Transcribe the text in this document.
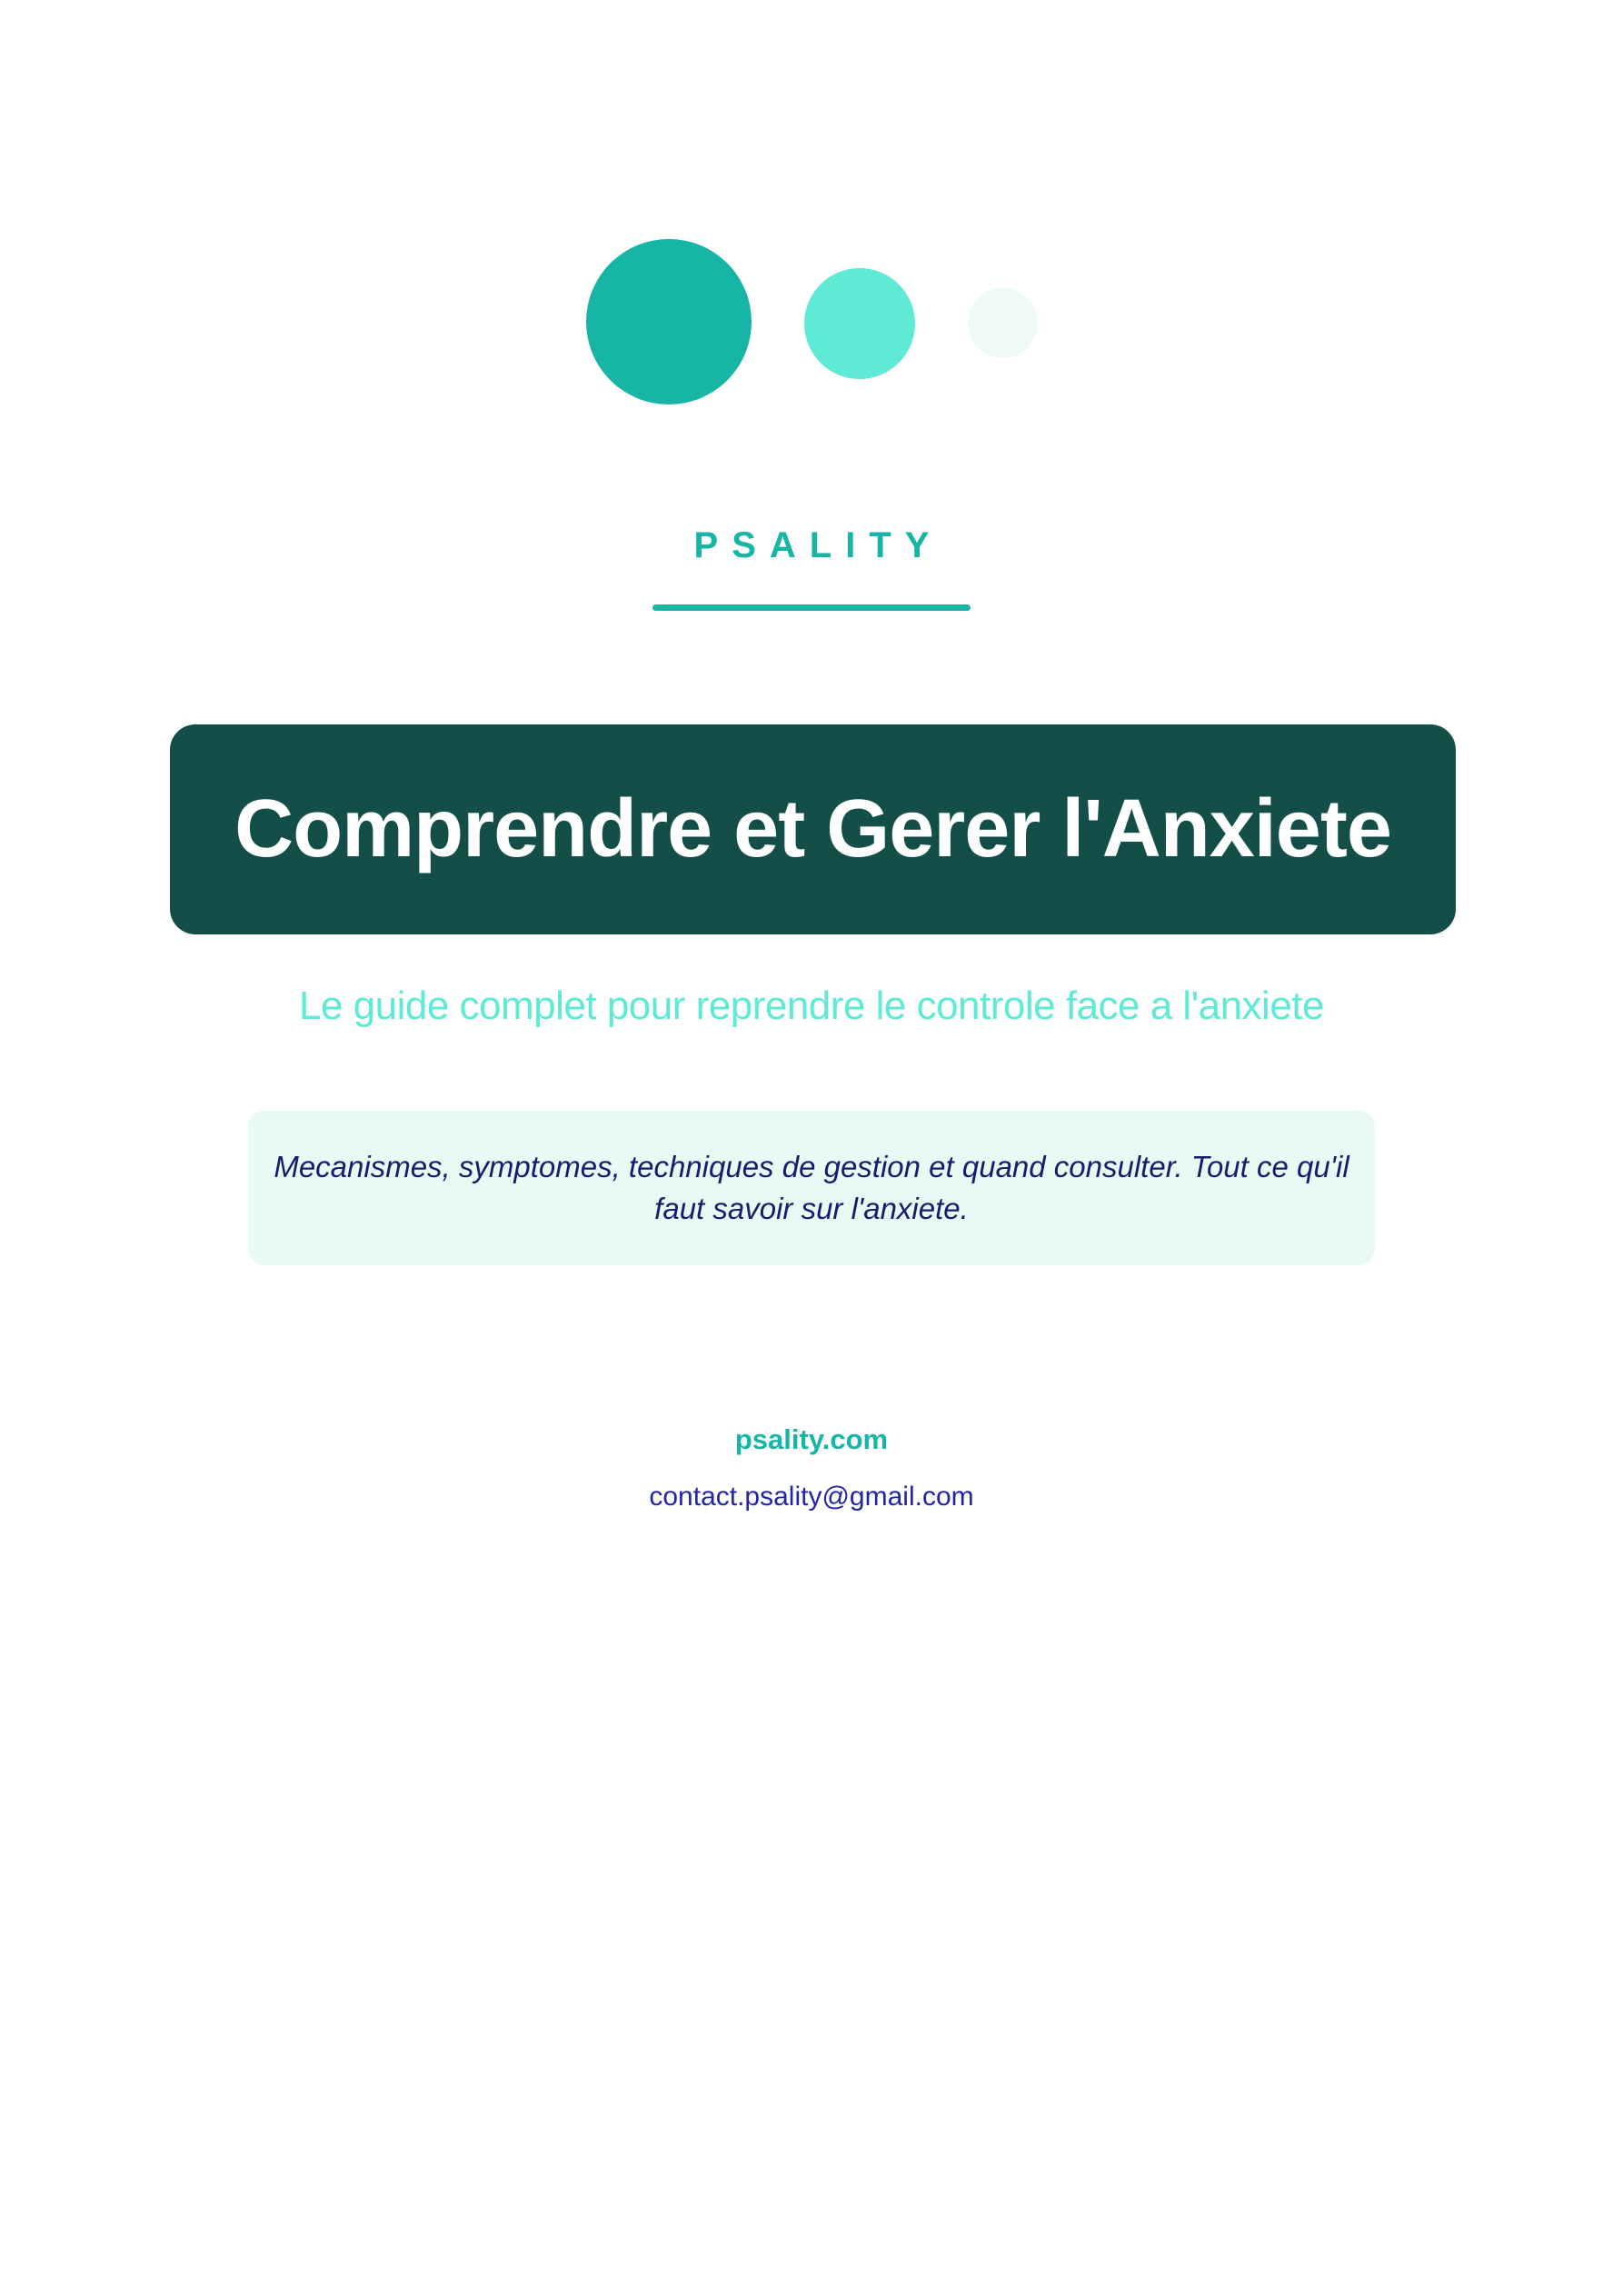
PSALITY
Comprendre et Gerer l'Anxiete
Le guide complet pour reprendre le controle face a l'anxiete
Mecanismes, symptomes, techniques de gestion et quand consulter. Tout ce qu'il
faut savoir sur l'anxiete.
psality.com
contact.psality@gmail.com
